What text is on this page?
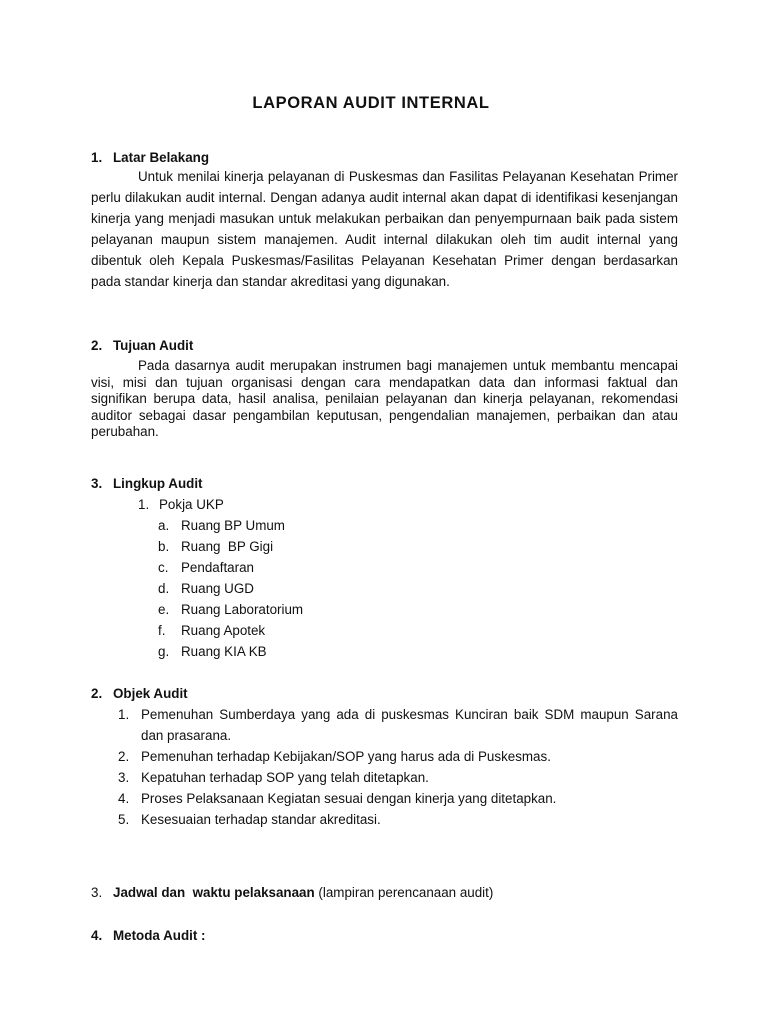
LAPORAN AUDIT INTERNAL
1. Latar Belakang
Untuk menilai kinerja pelayanan di Puskesmas dan Fasilitas Pelayanan Kesehatan Primer perlu dilakukan audit internal. Dengan adanya audit internal akan dapat di identifikasi kesenjangan kinerja yang menjadi masukan untuk melakukan perbaikan dan penyempurnaan baik pada sistem pelayanan maupun sistem manajemen. Audit internal dilakukan oleh tim audit internal yang dibentuk oleh Kepala Puskesmas/Fasilitas Pelayanan Kesehatan Primer dengan berdasarkan pada standar kinerja dan standar akreditasi yang digunakan.
2. Tujuan Audit
Pada dasarnya audit merupakan instrumen bagi manajemen untuk membantu mencapai visi, misi dan tujuan organisasi dengan cara mendapatkan data dan informasi faktual dan signifikan berupa data, hasil analisa, penilaian pelayanan dan kinerja pelayanan, rekomendasi auditor sebagai dasar pengambilan keputusan, pengendalian manajemen, perbaikan dan atau perubahan.
3. Lingkup Audit
1. Pokja UKP
a. Ruang BP Umum
b. Ruang  BP Gigi
c. Pendaftaran
d. Ruang UGD
e. Ruang Laboratorium
f. Ruang Apotek
g. Ruang KIA KB
2. Objek Audit
1. Pemenuhan Sumberdaya yang ada di puskesmas Kunciran baik SDM maupun Sarana dan prasarana.
2. Pemenuhan terhadap Kebijakan/SOP yang harus ada di Puskesmas.
3. Kepatuhan terhadap SOP yang telah ditetapkan.
4. Proses Pelaksanaan Kegiatan sesuai dengan kinerja yang ditetapkan.
5. Kesesuaian terhadap standar akreditasi.
3. Jadwal dan  waktu pelaksanaan (lampiran perencanaan audit)
4. Metoda Audit :
